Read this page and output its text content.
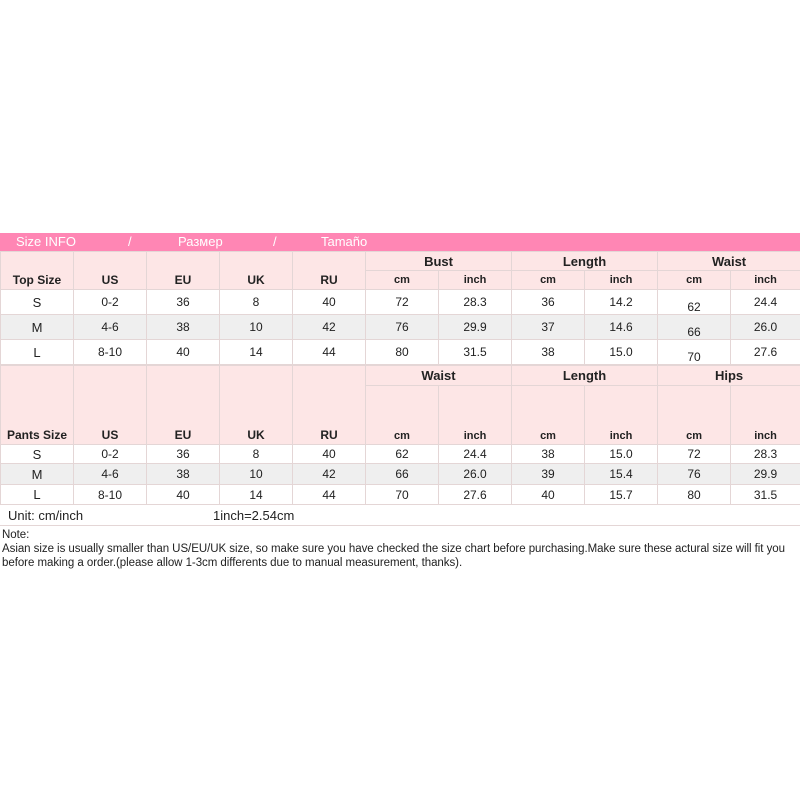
Size INFO	/	Размер	/	Tamaño
Top Size	US	EU	UK	RU	Bust		Length		Waist	
					cm	inch	cm	inch	cm	inch
S	0-2	36	8	40	72	28.3	36	14.2	62	24.4
M	4-6	38	10	42	76	29.9	37	14.6	66	26.0
L	8-10	40	14	44	80	31.5	38	15.0	70	27.6
Pants Size	US	EU	UK	RU	Waist		Length		Hips	
					cm	inch	cm	inch	cm	inch
S	0-2	36	8	40	62	24.4	38	15.0	72	28.3
M	4-6	38	10	42	66	26.0	39	15.4	76	29.9
L	8-10	40	14	44	70	27.6	40	15.7	80	31.5
Unit: cm/inch	1inch=2.54cm
Note:
Asian size is usually smaller than US/EU/UK size, so make sure you have checked the size chart before purchasing.Make sure these actural size will fit you before making a order.(please allow 1-3cm differents due to manual measurement, thanks).
